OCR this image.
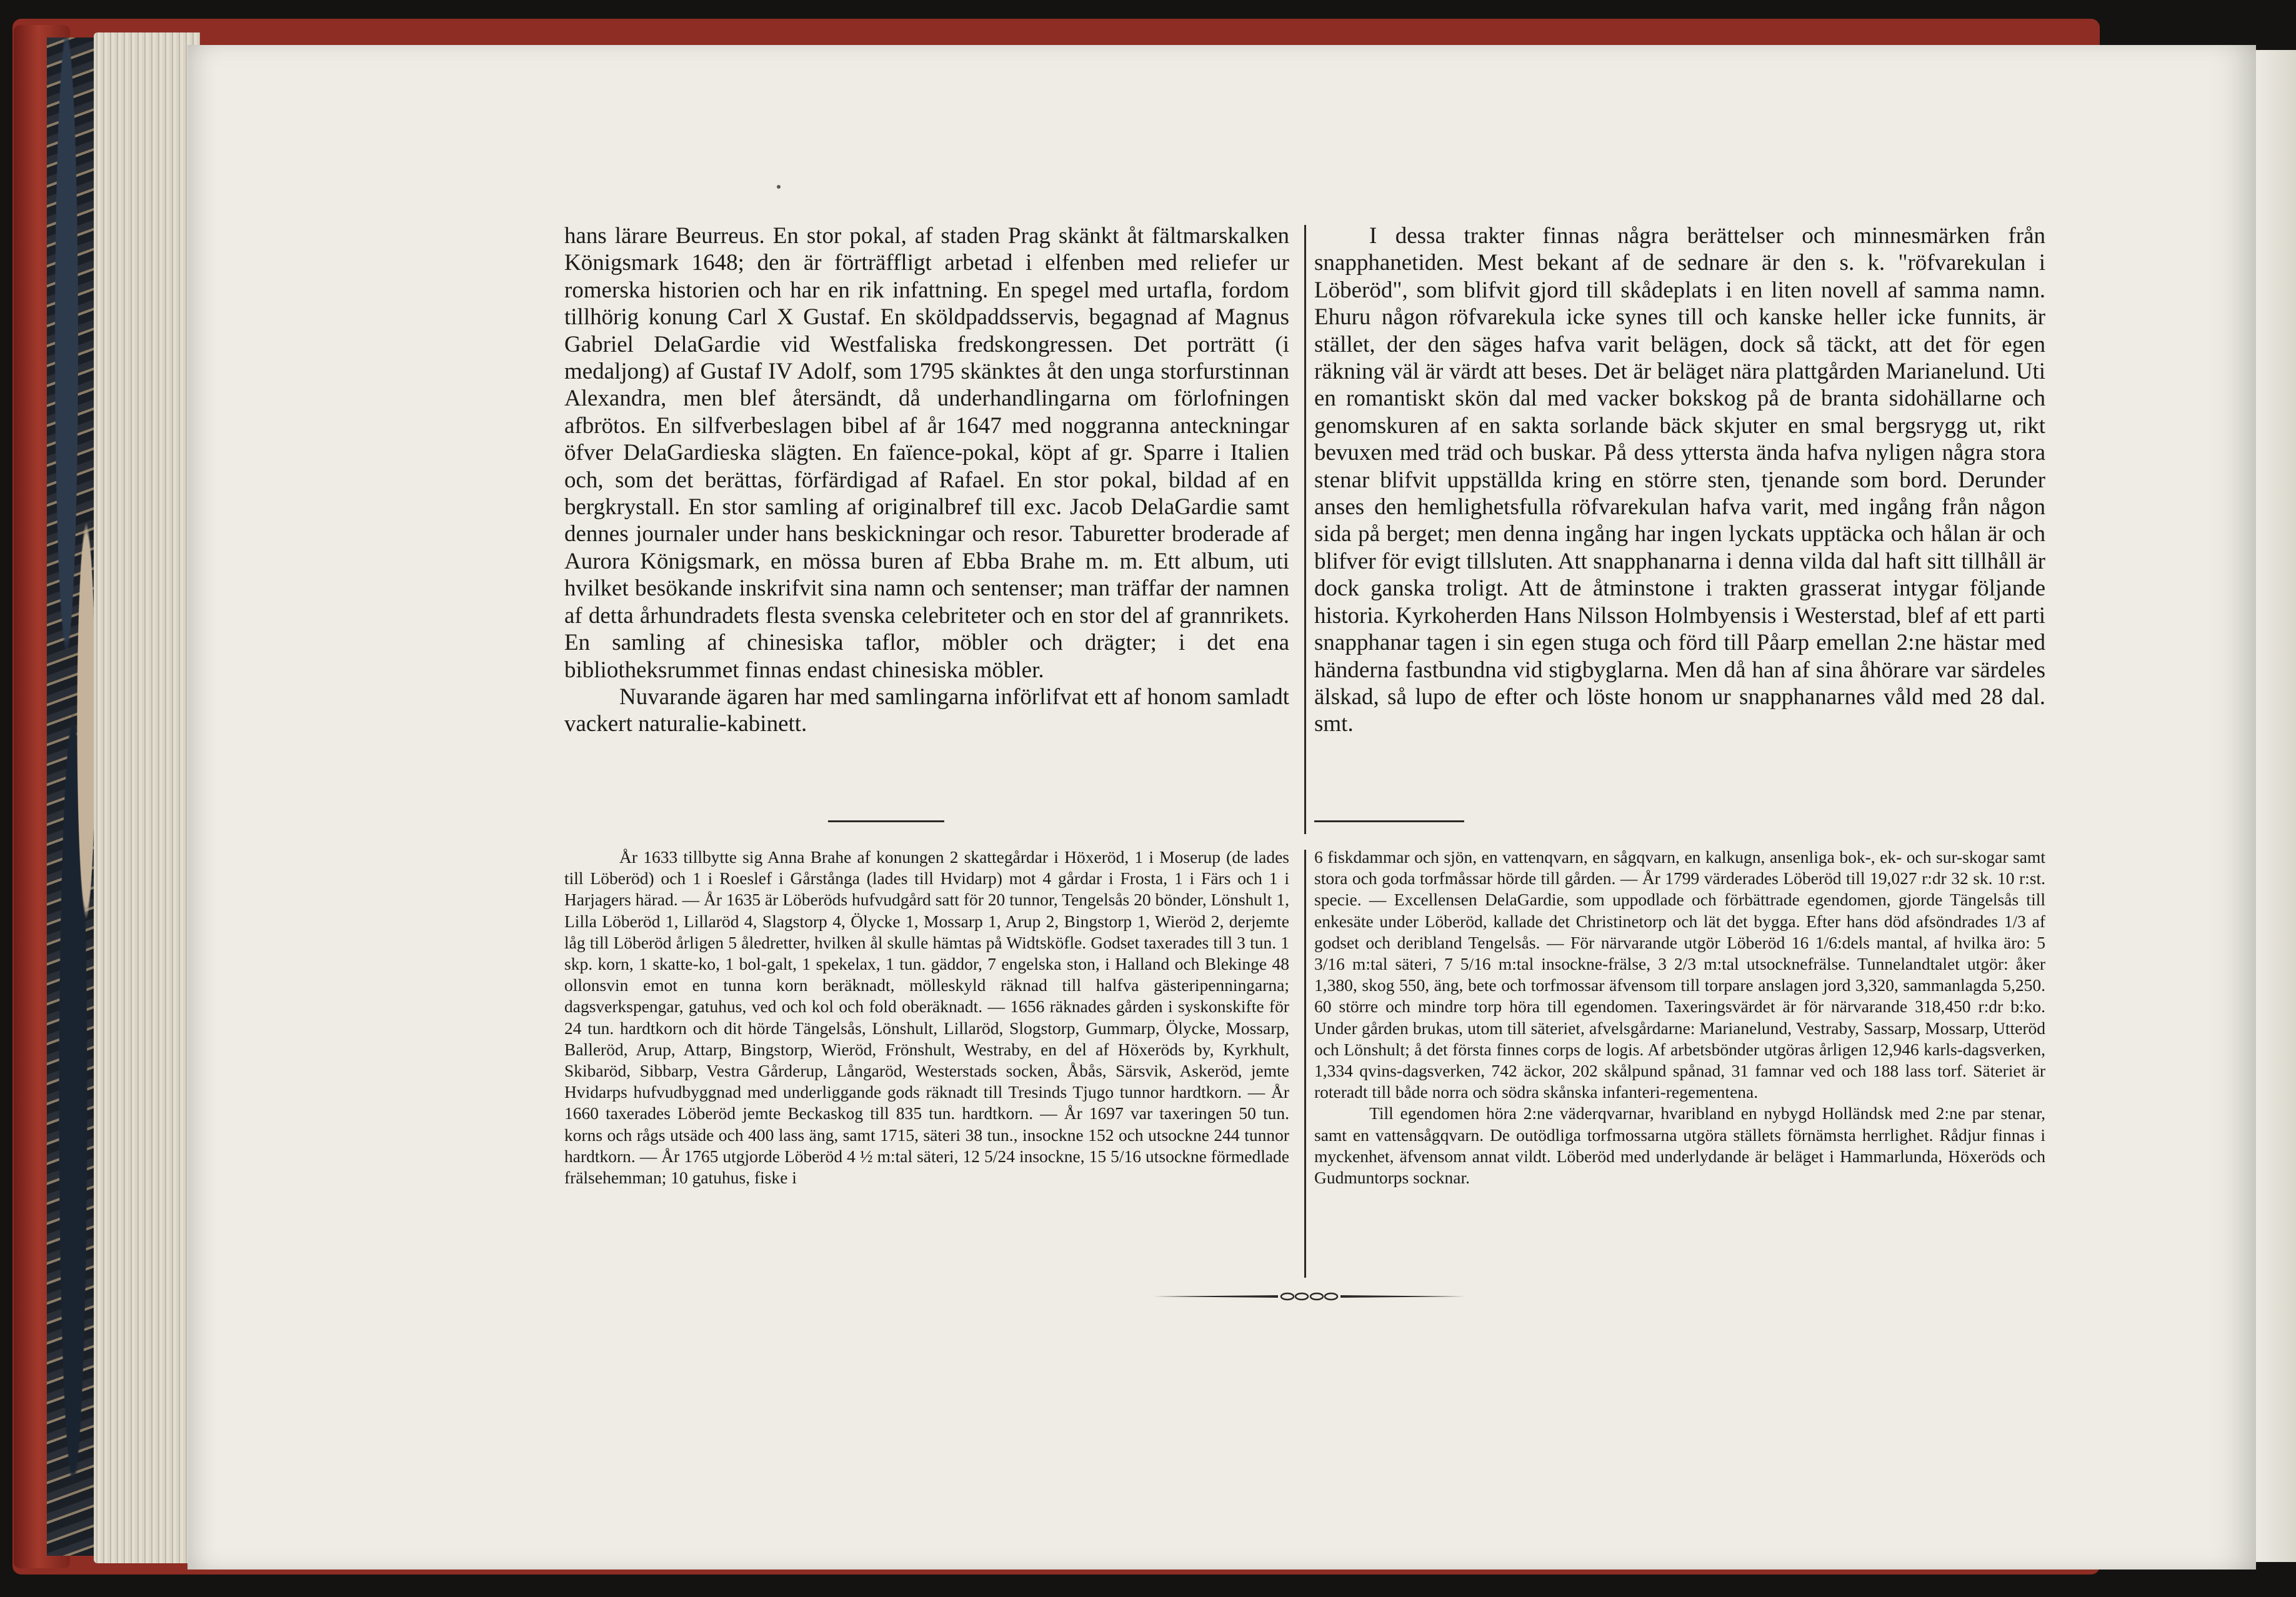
hans lärare Beurreus. En stor pokal, af staden Prag skänkt åt fältmarskalken Königsmark 1648; den är förträffligt arbetad i elfenben med reliefer ur romerska historien och har en rik infattning. En spegel med urtafla, fordom tillhörig konung Carl X Gustaf. En sköldpaddsservis, begagnad af Magnus Gabriel DelaGardie vid Westfaliska fredskongressen. Det porträtt (i medaljong) af Gustaf IV Adolf, som 1795 skänktes åt den unga storfurstinnan Alexandra, men blef återsändt, då underhandlingarna om förlofningen afbrötos. En silfverbeslagen bibel af år 1647 med noggranna anteckningar öfver DelaGardieska slägten. En faïence-pokal, köpt af gr. Sparre i Italien och, som det berättas, förfärdigad af Rafael. En stor pokal, bildad af en bergkrystall. En stor samling af originalbref till exc. Jacob DelaGardie samt dennes journaler under hans beskickningar och resor. Taburetter broderade af Aurora Königsmark, en mössa buren af Ebba Brahe m. m. Ett album, uti hvilket besökande inskrifvit sina namn och sentenser; man träffar der namnen af detta århundradets flesta svenska celebriteter och en stor del af grannrikets. En samling af chinesiska taflor, möbler och drägter; i det ena bibliotheksrummet finnas endast chinesiska möbler.

Nuvarande ägaren har med samlingarna införlifvat ett af honom samladt vackert naturalie-kabinett.

I dessa trakter finnas några berättelser och minnesmärken från snapphanetiden. Mest bekant af de sednare är den s. k. "röfvarekulan i Löberöd", som blifvit gjord till skådeplats i en liten novell af samma namn. Ehuru någon röfvarekula icke synes till och kanske heller icke funnits, är stället, der den säges hafva varit belägen, dock så täckt, att det för egen räkning väl är värdt att beses. Det är beläget nära plattgården Marianelund. Uti en romantiskt skön dal med vacker bokskog på de branta sidohällarne och genomskuren af en sakta sorlande bäck skjuter en smal bergsrygg ut, rikt bevuxen med träd och buskar. På dess yttersta ända hafva nyligen några stora stenar blifvit uppställda kring en större sten, tjenande som bord. Derunder anses den hemlighetsfulla röfvarekulan hafva varit, med ingång från någon sida på berget; men denna ingång har ingen lyckats upptäcka och hålan är och blifver för evigt tillsluten. Att snapphanarna i denna vilda dal haft sitt tillhåll är dock ganska troligt. Att de åtminstone i trakten grasserat intygar följande historia. Kyrkoherden Hans Nilsson Holmbyensis i Westerstad, blef af ett parti snapphanar tagen i sin egen stuga och förd till Påarp emellan 2:ne hästar med händerna fastbundna vid stigbyglarna. Men då han af sina åhörare var särdeles älskad, så lupo de efter och löste honom ur snapphanarnes våld med 28 dal. smt.

År 1633 tillbytte sig Anna Brahe af konungen 2 skattegårdar i Höxeröd, 1 i Moserup (de lades till Löberöd) och 1 i Roeslef i Gårstånga (lades till Hvidarp) mot 4 gårdar i Frosta, 1 i Färs och 1 i Harjagers härad. — År 1635 är Löberöds hufvudgård satt för 20 tunnor, Tengelsås 20 bönder, Lönshult 1, Lilla Löberöd 1, Lillaröd 4, Slagstorp 4, Ölycke 1, Mossarp 1, Arup 2, Bingstorp 1, Wieröd 2, derjemte låg till Löberöd årligen 5 åledretter, hvilken ål skulle hämtas på Widtsköfle. Godset taxerades till 3 tun. 1 skp. korn, 1 skatte-ko, 1 bol-galt, 1 spekelax, 1 tun. gäddor, 7 engelska ston, i Halland och Blekinge 48 ollonsvin emot en tunna korn beräknadt, mölleskyld räknad till halfva gästeripenningarna; dagsverkspengar, gatuhus, ved och kol och fold oberäknadt. — 1656 räknades gården i syskonskifte för 24 tun. hardtkorn och dit hörde Tängelsås, Lönshult, Lillaröd, Slogstorp, Gummarp, Ölycke, Mossarp, Balleröd, Arup, Attarp, Bingstorp, Wieröd, Frönshult, Westraby, en del af Höxeröds by, Kyrkhult, Skibaröd, Sibbarp, Vestra Gårderup, Långaröd, Westerstads socken, Åbås, Särsvik, Askeröd, jemte Hvidarps hufvudbyggnad med underliggande gods räknadt till Tresinds Tjugo tunnor hardtkorn. — År 1660 taxerades Löberöd jemte Beckaskog till 835 tun. hardtkorn. — År 1697 var taxeringen 50 tun. korns och rågs utsäde och 400 lass äng, samt 1715, säteri 38 tun., insockne 152 och utsockne 244 tunnor hardtkorn. — År 1765 utgjorde Löberöd 4 ½ m:tal säteri, 12 5/24 insockne, 15 5/16 utsockne förmedlade frälsehemman; 10 gatuhus, fiske i

6 fiskdammar och sjön, en vattenqvarn, en sågqvarn, en kalkugn, ansenliga bok-, ek- och sur-skogar samt stora och goda torfmåssar hörde till gården. — År 1799 värderades Löberöd till 19,027 r:dr 32 sk. 10 r:st. specie. — Excellensen DelaGardie, som uppodlade och förbättrade egendomen, gjorde Tängelsås till enkesäte under Löberöd, kallade det Christinetorp och lät det bygga. Efter hans död afsöndrades 1/3 af godset och deribland Tengelsås. — För närvarande utgör Löberöd 16 1/6:dels mantal, af hvilka äro: 5 3/16 m:tal säteri, 7 5/16 m:tal insockne-frälse, 3 2/3 m:tal utsocknefrälse. Tunnelandtalet utgör: åker 1,380, skog 550, äng, bete och torfmossar äfvensom till torpare anslagen jord 3,320, sammanlagda 5,250. 60 större och mindre torp höra till egendomen. Taxeringsvärdet är för närvarande 318,450 r:dr b:ko. Under gården brukas, utom till säteriet, afvelsgårdarne: Marianelund, Vestraby, Sassarp, Mossarp, Utteröd och Lönshult; å det första finnes corps de logis. Af arbetsbönder utgöras årligen 12,946 karls-dagsverken, 1,334 qvins-dagsverken, 742 äckor, 202 skålpund spånad, 31 famnar ved och 188 lass torf. Säteriet är roteradt till både norra och södra skånska infanteri-regementena.

Till egendomen höra 2:ne väderqvarnar, hvaribland en nybygd Holländsk med 2:ne par stenar, samt en vattensågqvarn. De outödliga torfmossarna utgöra ställets förnämsta herrlighet. Rådjur finnas i myckenhet, äfvensom annat vildt. Löberöd med underlydande är beläget i Hammarlunda, Höxeröds och Gudmuntorps socknar.
